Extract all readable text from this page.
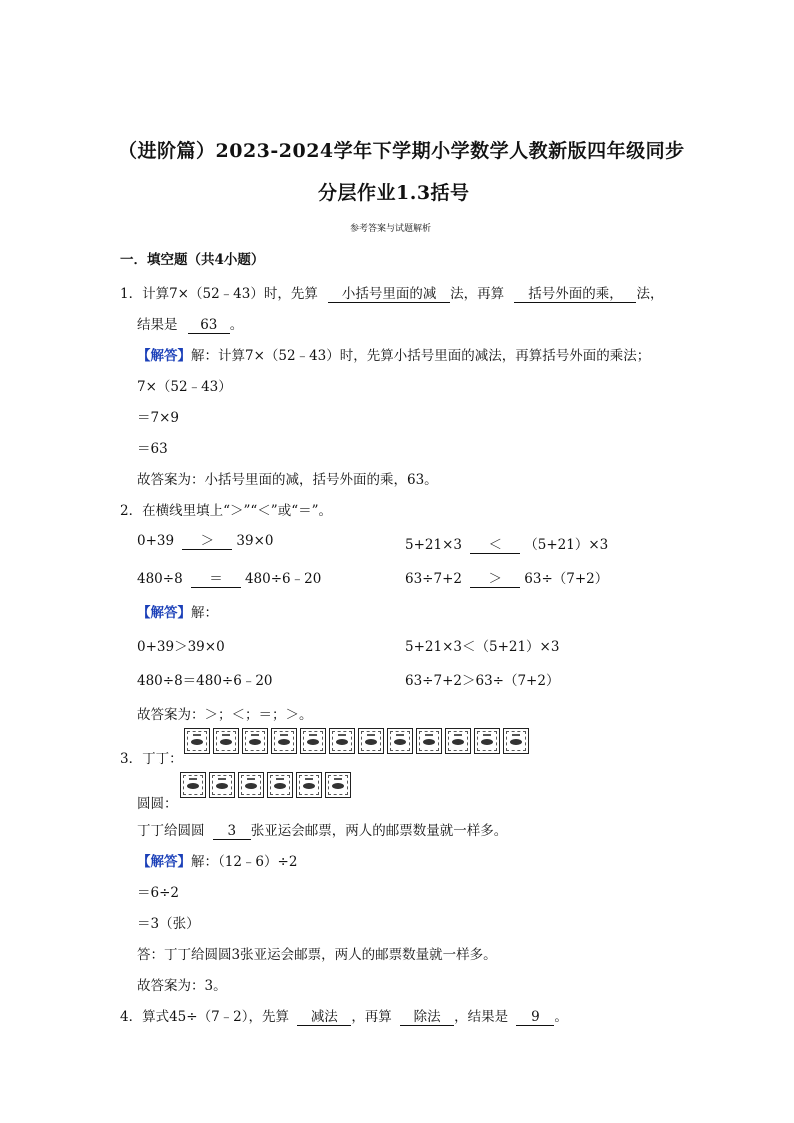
（进阶篇）2023-2024学年下学期小学数学人教新版四年级同步
分层作业1.3括号
参考答案与试题解析
一．填空题（共4小题）
1．计算7×（52﹣43）时，先算 小括号里面的减 法，再算 括号外面的乘， 法，
结果是 63 。
【解答】解：计算7×（52﹣43）时，先算小括号里面的减法，再算括号外面的乘法；
7×（52﹣43）
＝7×9
＝63
故答案为：小括号里面的减，括号外面的乘，63。
2．在横线里填上“＞”“＜”或“＝”。
0+39 ＞ 39×0	5+21×3 ＜ （5+21）×3
480÷8 ＝ 480÷6﹣20	63÷7+2 ＞ 63÷（7+2）
【解答】解：
0+39＞39×0	5+21×3＜（5+21）×3
480÷8＝480÷6﹣20	63÷7+2＞63÷（7+2）
故答案为：＞；＜；＝；＞。
3．丁丁：
圆圆：
丁丁给圆圆 3 张亚运会邮票，两人的邮票数量就一样多。
【解答】解：（12﹣6）÷2
＝6÷2
＝3（张）
答：丁丁给圆圆3张亚运会邮票，两人的邮票数量就一样多。
故答案为：3。
4．算式45÷（7﹣2），先算 减法 ，再算 除法 ，结果是 9 。
